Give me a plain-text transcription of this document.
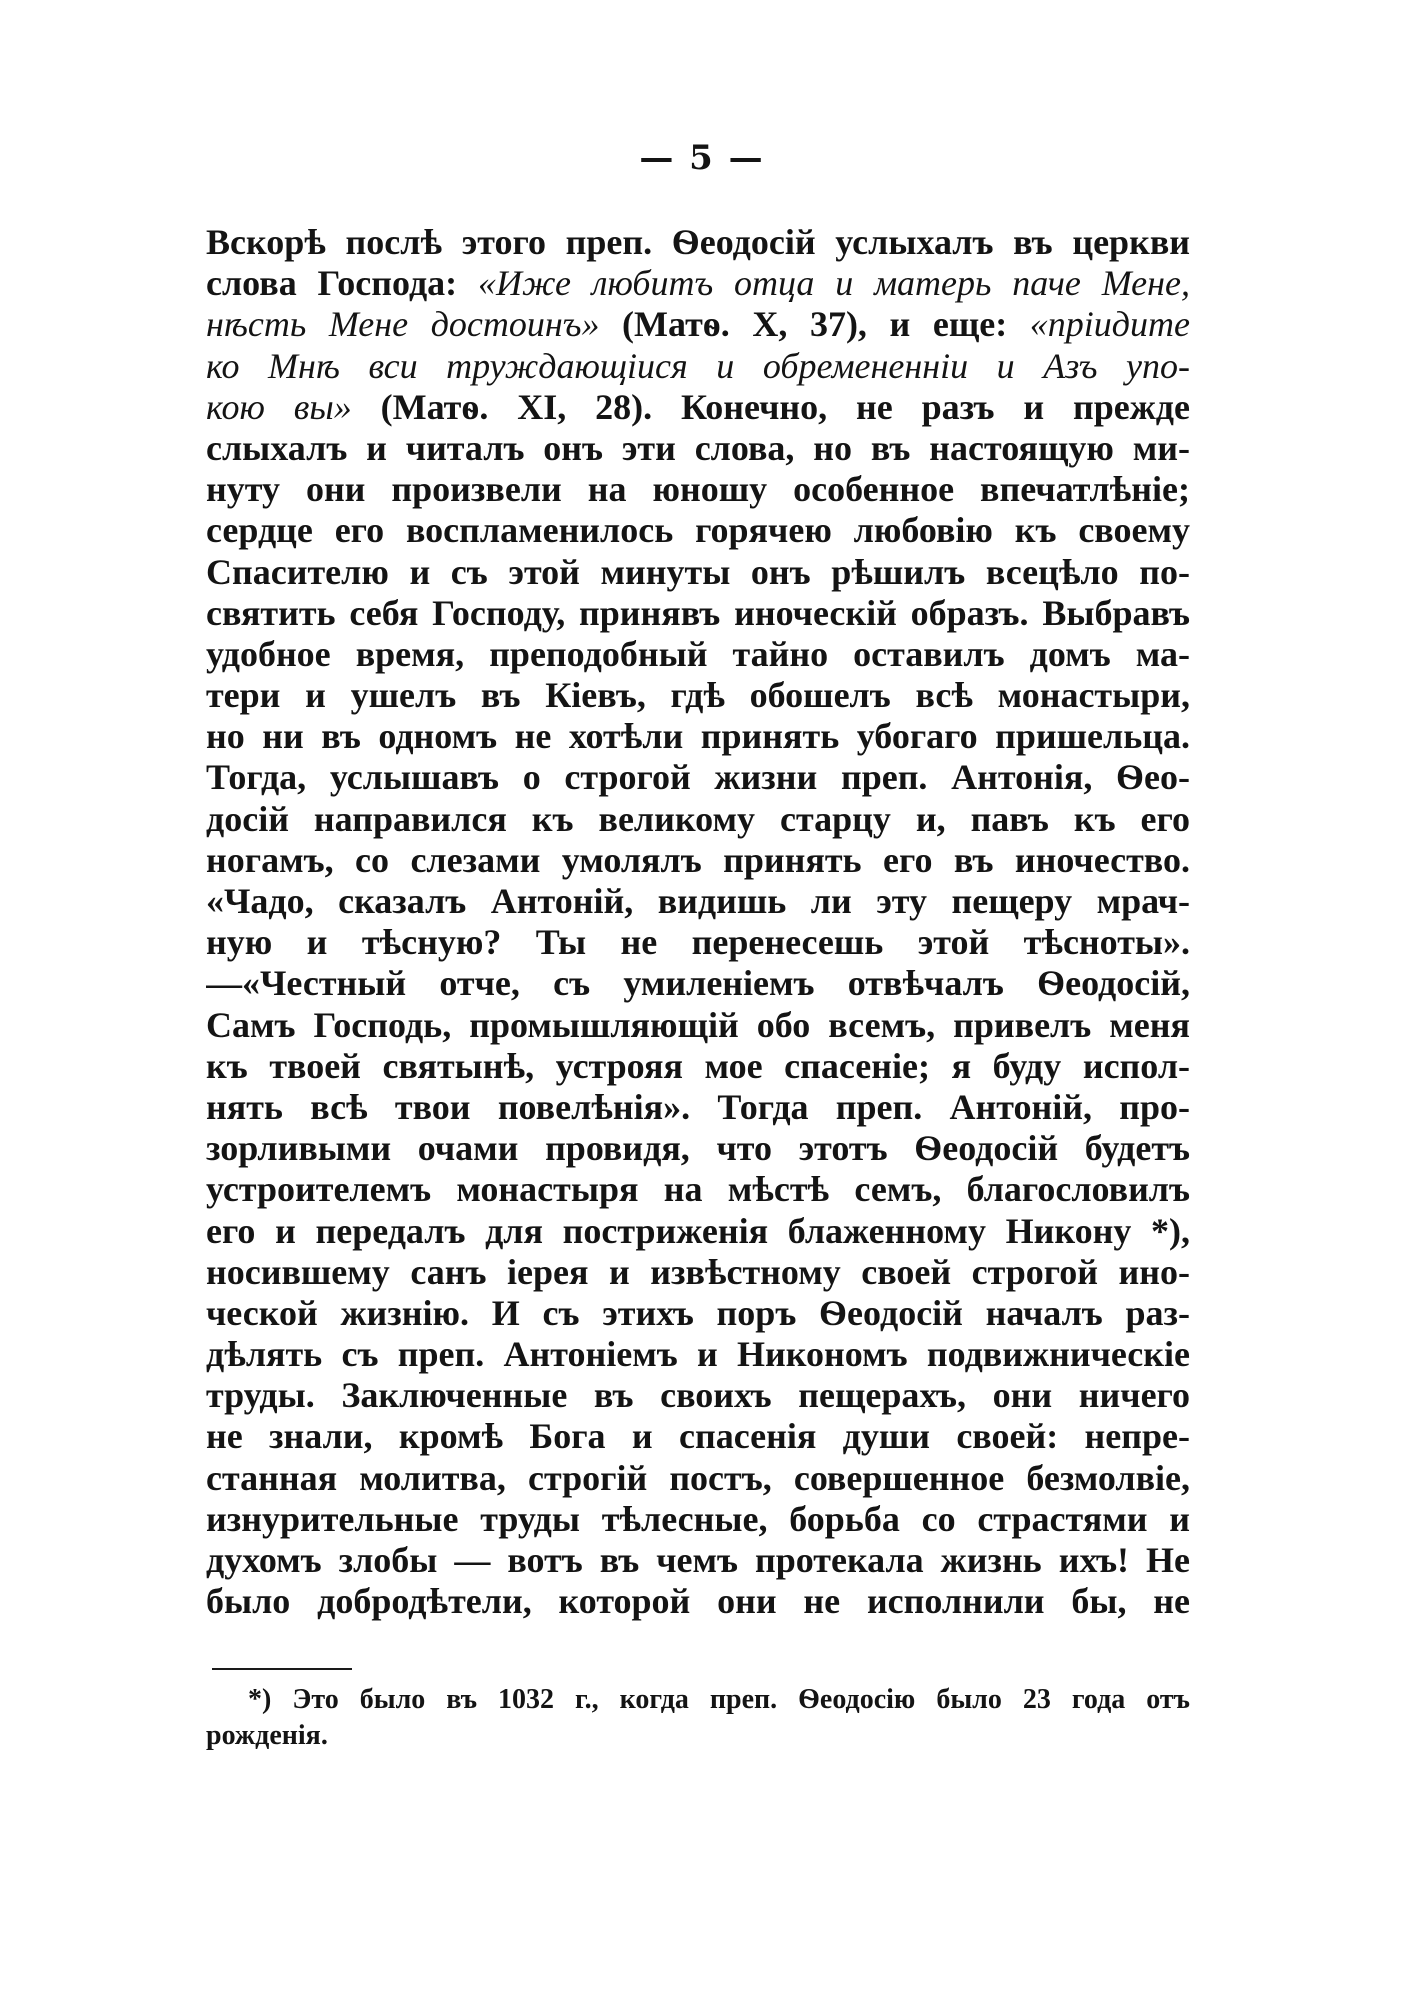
— 5 —
Вскорѣ послѣ этого преп. Ѳеодосій услыхалъ въ церкви
слова Господа: «Иже любитъ отца и матерь паче Мене,
нѣсть Мене достоинъ» (Матѳ. X, 37), и еще: «пріидите
ко Мнѣ вси труждающіися и обремененніи и Азъ упо-
кою вы» (Матѳ. XI, 28). Конечно, не разъ и прежде
слыхалъ и читалъ онъ эти слова, но въ настоящую ми-
нуту они произвели на юношу особенное впечатлѣніе;
сердце его воспламенилось горячею любовію къ своему
Спасителю и съ этой минуты онъ рѣшилъ всецѣло по-
святить себя Господу, принявъ иноческій образъ. Выбравъ
удобное время, преподобный тайно оставилъ домъ ма-
тери и ушелъ въ Кіевъ, гдѣ обошелъ всѣ монастыри,
но ни въ одномъ не хотѣли принять убогаго пришельца.
Тогда, услышавъ о строгой жизни преп. Антонія, Ѳео-
досій направился къ великому старцу и, павъ къ его
ногамъ, со слезами умолялъ принять его въ иночество.
«Чадо, сказалъ Антоній, видишь ли эту пещеру мрач-
ную и тѣсную? Ты не перенесешь этой тѣсноты».
—«Честный отче, съ умиленіемъ отвѣчалъ Ѳеодосій,
Самъ Господь, промышляющій обо всемъ, привелъ меня
къ твоей святынѣ, устрояя мое спасеніе; я буду испол-
нять всѣ твои повелѣнія». Тогда преп. Антоній, про-
зорливыми очами провидя, что этотъ Ѳеодосій будетъ
устроителемъ монастыря на мѣстѣ семъ, благословилъ
его и передалъ для постриженія блаженному Никону *),
носившему санъ іерея и извѣстному своей строгой ино-
ческой жизнію. И съ этихъ поръ Ѳеодосій началъ раз-
дѣлять съ преп. Антоніемъ и Никономъ подвижническіе
труды. Заключенные въ своихъ пещерахъ, они ничего
не знали, кромѣ Бога и спасенія души своей: непре-
станная молитва, строгій постъ, совершенное безмолвіе,
изнурительные труды тѣлесные, борьба со страстями и
духомъ злобы — вотъ въ чемъ протекала жизнь ихъ! Не
было добродѣтели, которой они не исполнили бы, не
*) Это было въ 1032 г., когда преп. Ѳеодосію было 23 года отъ
рожденія.
